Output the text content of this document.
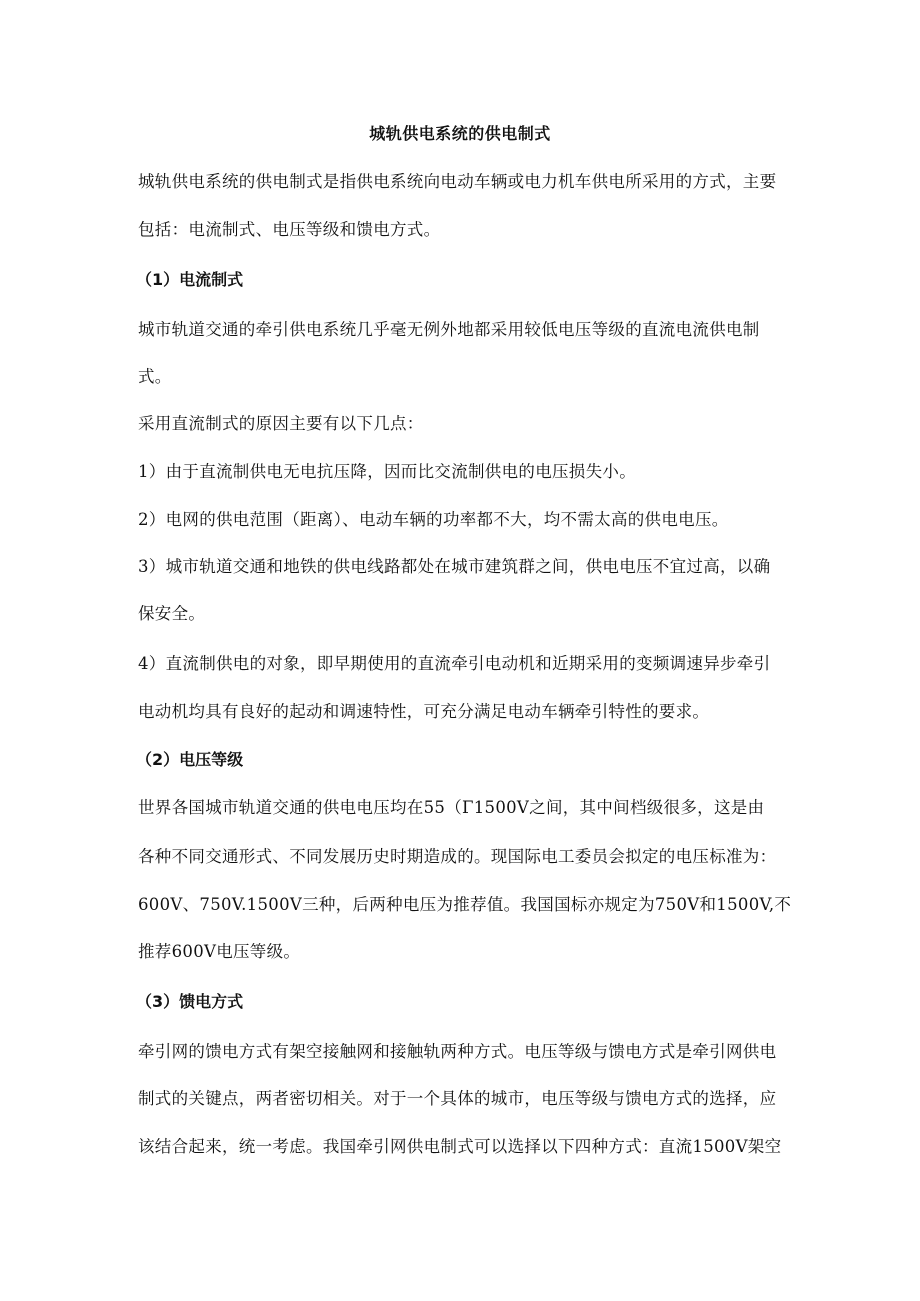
城轨供电系统的供电制式
城轨供电系统的供电制式是指供电系统向电动车辆或电力机车供电所采用的方式，主要
包括：电流制式、电压等级和馈电方式。
（1）电流制式
城市轨道交通的牵引供电系统几乎毫无例外地都采用较低电压等级的直流电流供电制
式。
采用直流制式的原因主要有以下几点：
1）由于直流制供电无电抗压降，因而比交流制供电的电压损失小。
2）电网的供电范围（距离）、电动车辆的功率都不大，均不需太高的供电电压。
3）城市轨道交通和地铁的供电线路都处在城市建筑群之间，供电电压不宜过高，以确
保安全。
4）直流制供电的对象，即早期使用的直流牵引电动机和近期采用的变频调速异步牵引
电动机均具有良好的起动和调速特性，可充分满足电动车辆牵引特性的要求。
（2）电压等级
世界各国城市轨道交通的供电电压均在55（Γ1500V之间，其中间档级很多，这是由
各种不同交通形式、不同发展历史时期造成的。现国际电工委员会拟定的电压标准为：
600V、750V.1500V三种，后两种电压为推荐值。我国国标亦规定为750V和1500V,不
推荐600V电压等级。
（3）馈电方式
牵引网的馈电方式有架空接触网和接触轨两种方式。电压等级与馈电方式是牵引网供电
制式的关键点，两者密切相关。对于一个具体的城市，电压等级与馈电方式的选择，应
该结合起来，统一考虑。我国牵引网供电制式可以选择以下四种方式：直流1500V架空
